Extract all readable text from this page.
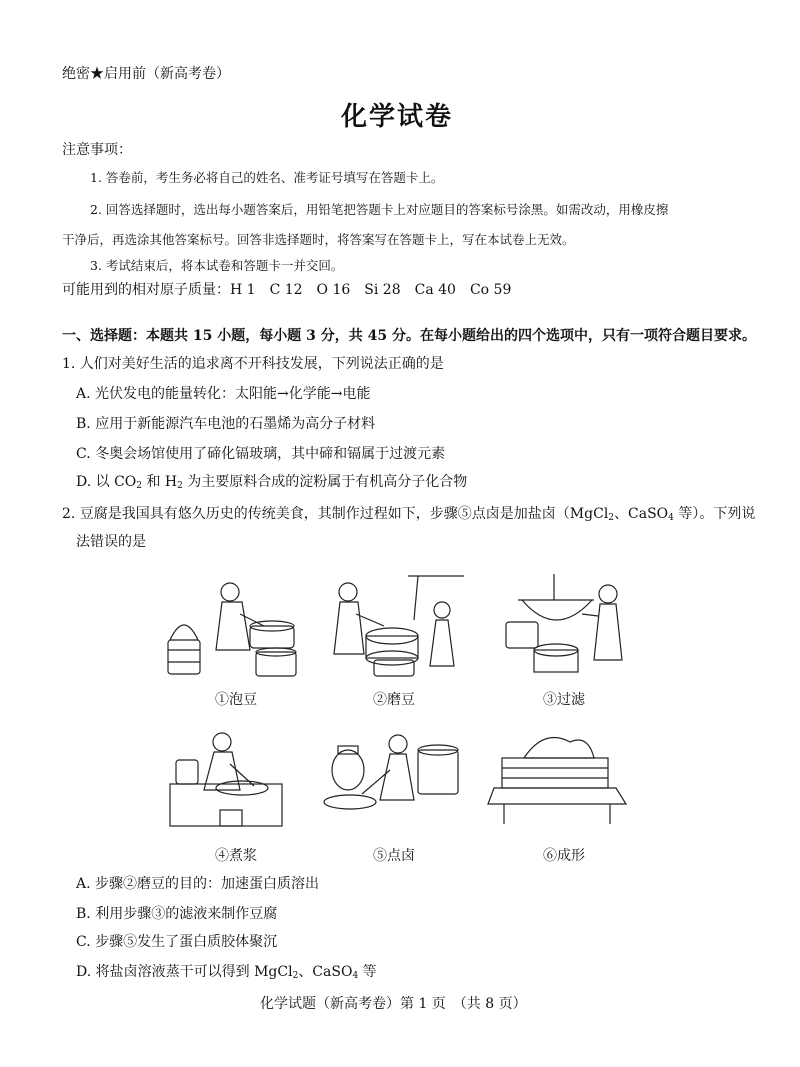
绝密★启用前（新高考卷）
化学试卷
注意事项：
1. 答卷前，考生务必将自己的姓名、准考证号填写在答题卡上。
2. 回答选择题时，选出每小题答案后，用铅笔把答题卡上对应题目的答案标号涂黑。如需改动，用橡皮擦
干净后，再选涂其他答案标号。回答非选择题时，将答案写在答题卡上，写在本试卷上无效。
3. 考试结束后，将本试卷和答题卡一并交回。
可能用到的相对原子质量：H 1　C 12　O 16　Si 28　Ca 40　Co 59
一、选择题：本题共 15 小题，每小题 3 分，共 45 分。在每小题给出的四个选项中，只有一项符合题目要求。
1. 人们对美好生活的追求离不开科技发展，下列说法正确的是
A. 光伏发电的能量转化：太阳能→化学能→电能
B. 应用于新能源汽车电池的石墨烯为高分子材料
C. 冬奥会场馆使用了碲化镉玻璃，其中碲和镉属于过渡元素
D. 以 $CO_2$ 和 $H_2$ 为主要原料合成的淀粉属于有机高分子化合物
2. 豆腐是我国具有悠久历史的传统美食，其制作过程如下，步骤⑤点卤是加盐卤（MgCl$_2$、CaSO$_4$ 等）。下列说
法错误的是
①泡豆	②磨豆	③过滤
④煮浆	⑤点卤	⑥成形
A. 步骤②磨豆的目的：加速蛋白质溶出
B. 利用步骤③的滤液来制作豆腐
C. 步骤⑤发生了蛋白质胶体聚沉
D. 将盐卤溶液蒸干可以得到 MgCl$_2$、CaSO$_4$ 等
化学试题（新高考卷）第 1 页　（共 8 页）
